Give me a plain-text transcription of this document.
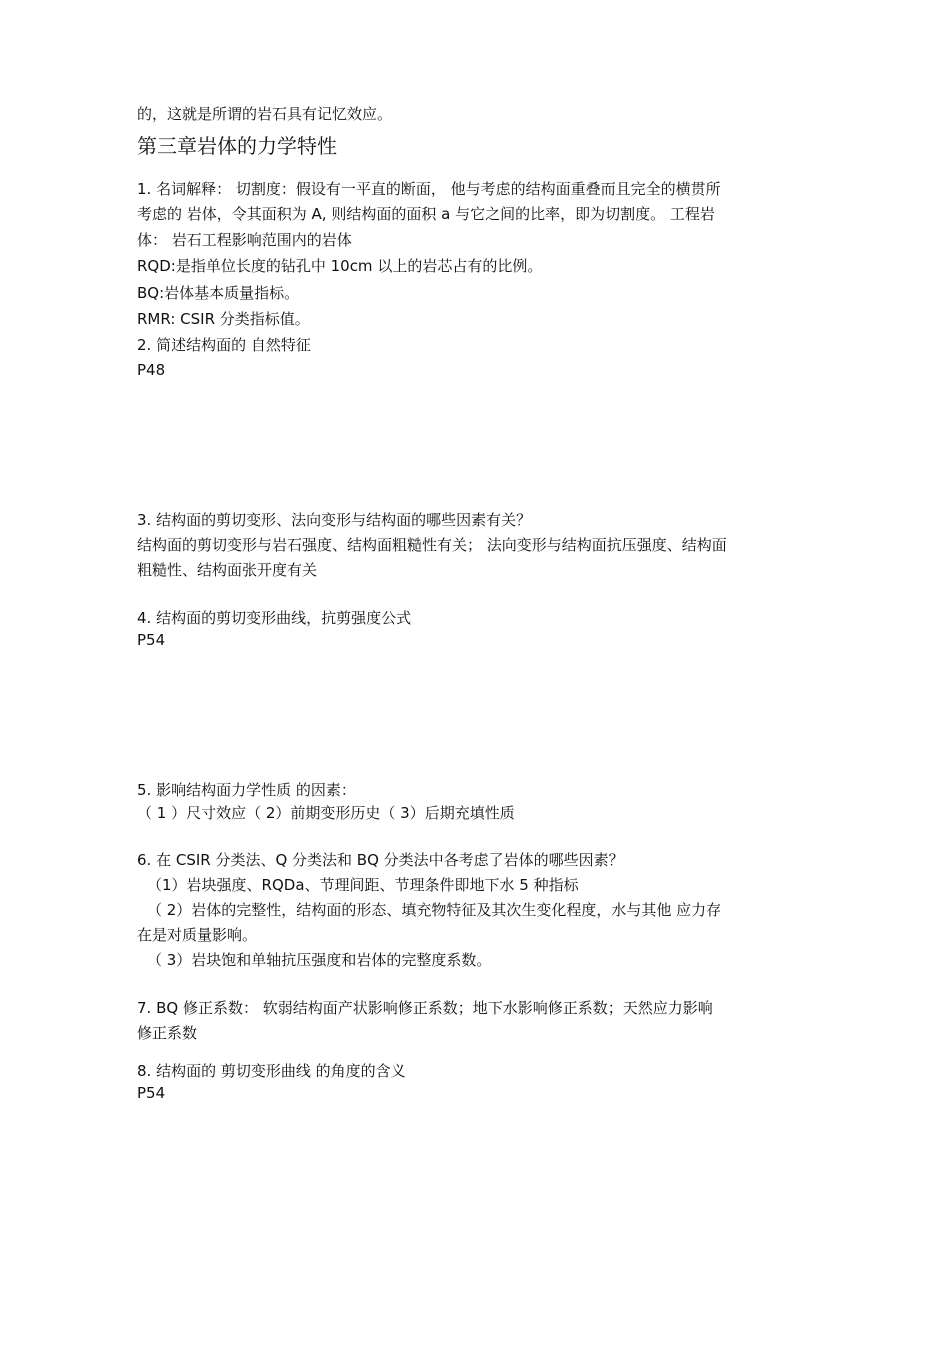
的，这就是所谓的岩石具有记忆效应。
第三章岩体的力学特性
1. 名词解释： 切割度：假设有一平直的断面， 他与考虑的结构面重叠而且完全的横贯所
考虑的 岩体，令其面积为 A, 则结构面的面积 a 与它之间的比率，即为切割度。 工程岩
体： 岩石工程影响范围内的岩体
RQD:是指单位长度的钻孔中 10cm 以上的岩芯占有的比例。
BQ:岩体基本质量指标。
RMR: CSIR 分类指标值。
2. 简述结构面的 自然特征
P48
3. 结构面的剪切变形、法向变形与结构面的哪些因素有关？
结构面的剪切变形与岩石强度、结构面粗糙性有关； 法向变形与结构面抗压强度、结构面
粗糙性、结构面张开度有关
4. 结构面的剪切变形曲线，抗剪强度公式
P54
5. 影响结构面力学性质 的因素：
（ 1 ）尺寸效应（ 2）前期变形历史（ 3）后期充填性质
6. 在 CSIR 分类法、Q 分类法和 BQ 分类法中各考虑了岩体的哪些因素？
（1）岩块强度、RQDa、节理间距、节理条件即地下水 5 种指标
（ 2）岩体的完整性，结构面的形态、填充物特征及其次生变化程度，水与其他 应力存
在是对质量影响。
（ 3）岩块饱和单轴抗压强度和岩体的完整度系数。
7. BQ 修正系数： 软弱结构面产状影响修正系数；地下水影响修正系数；天然应力影响
修正系数
8. 结构面的 剪切变形曲线 的角度的含义
P54
